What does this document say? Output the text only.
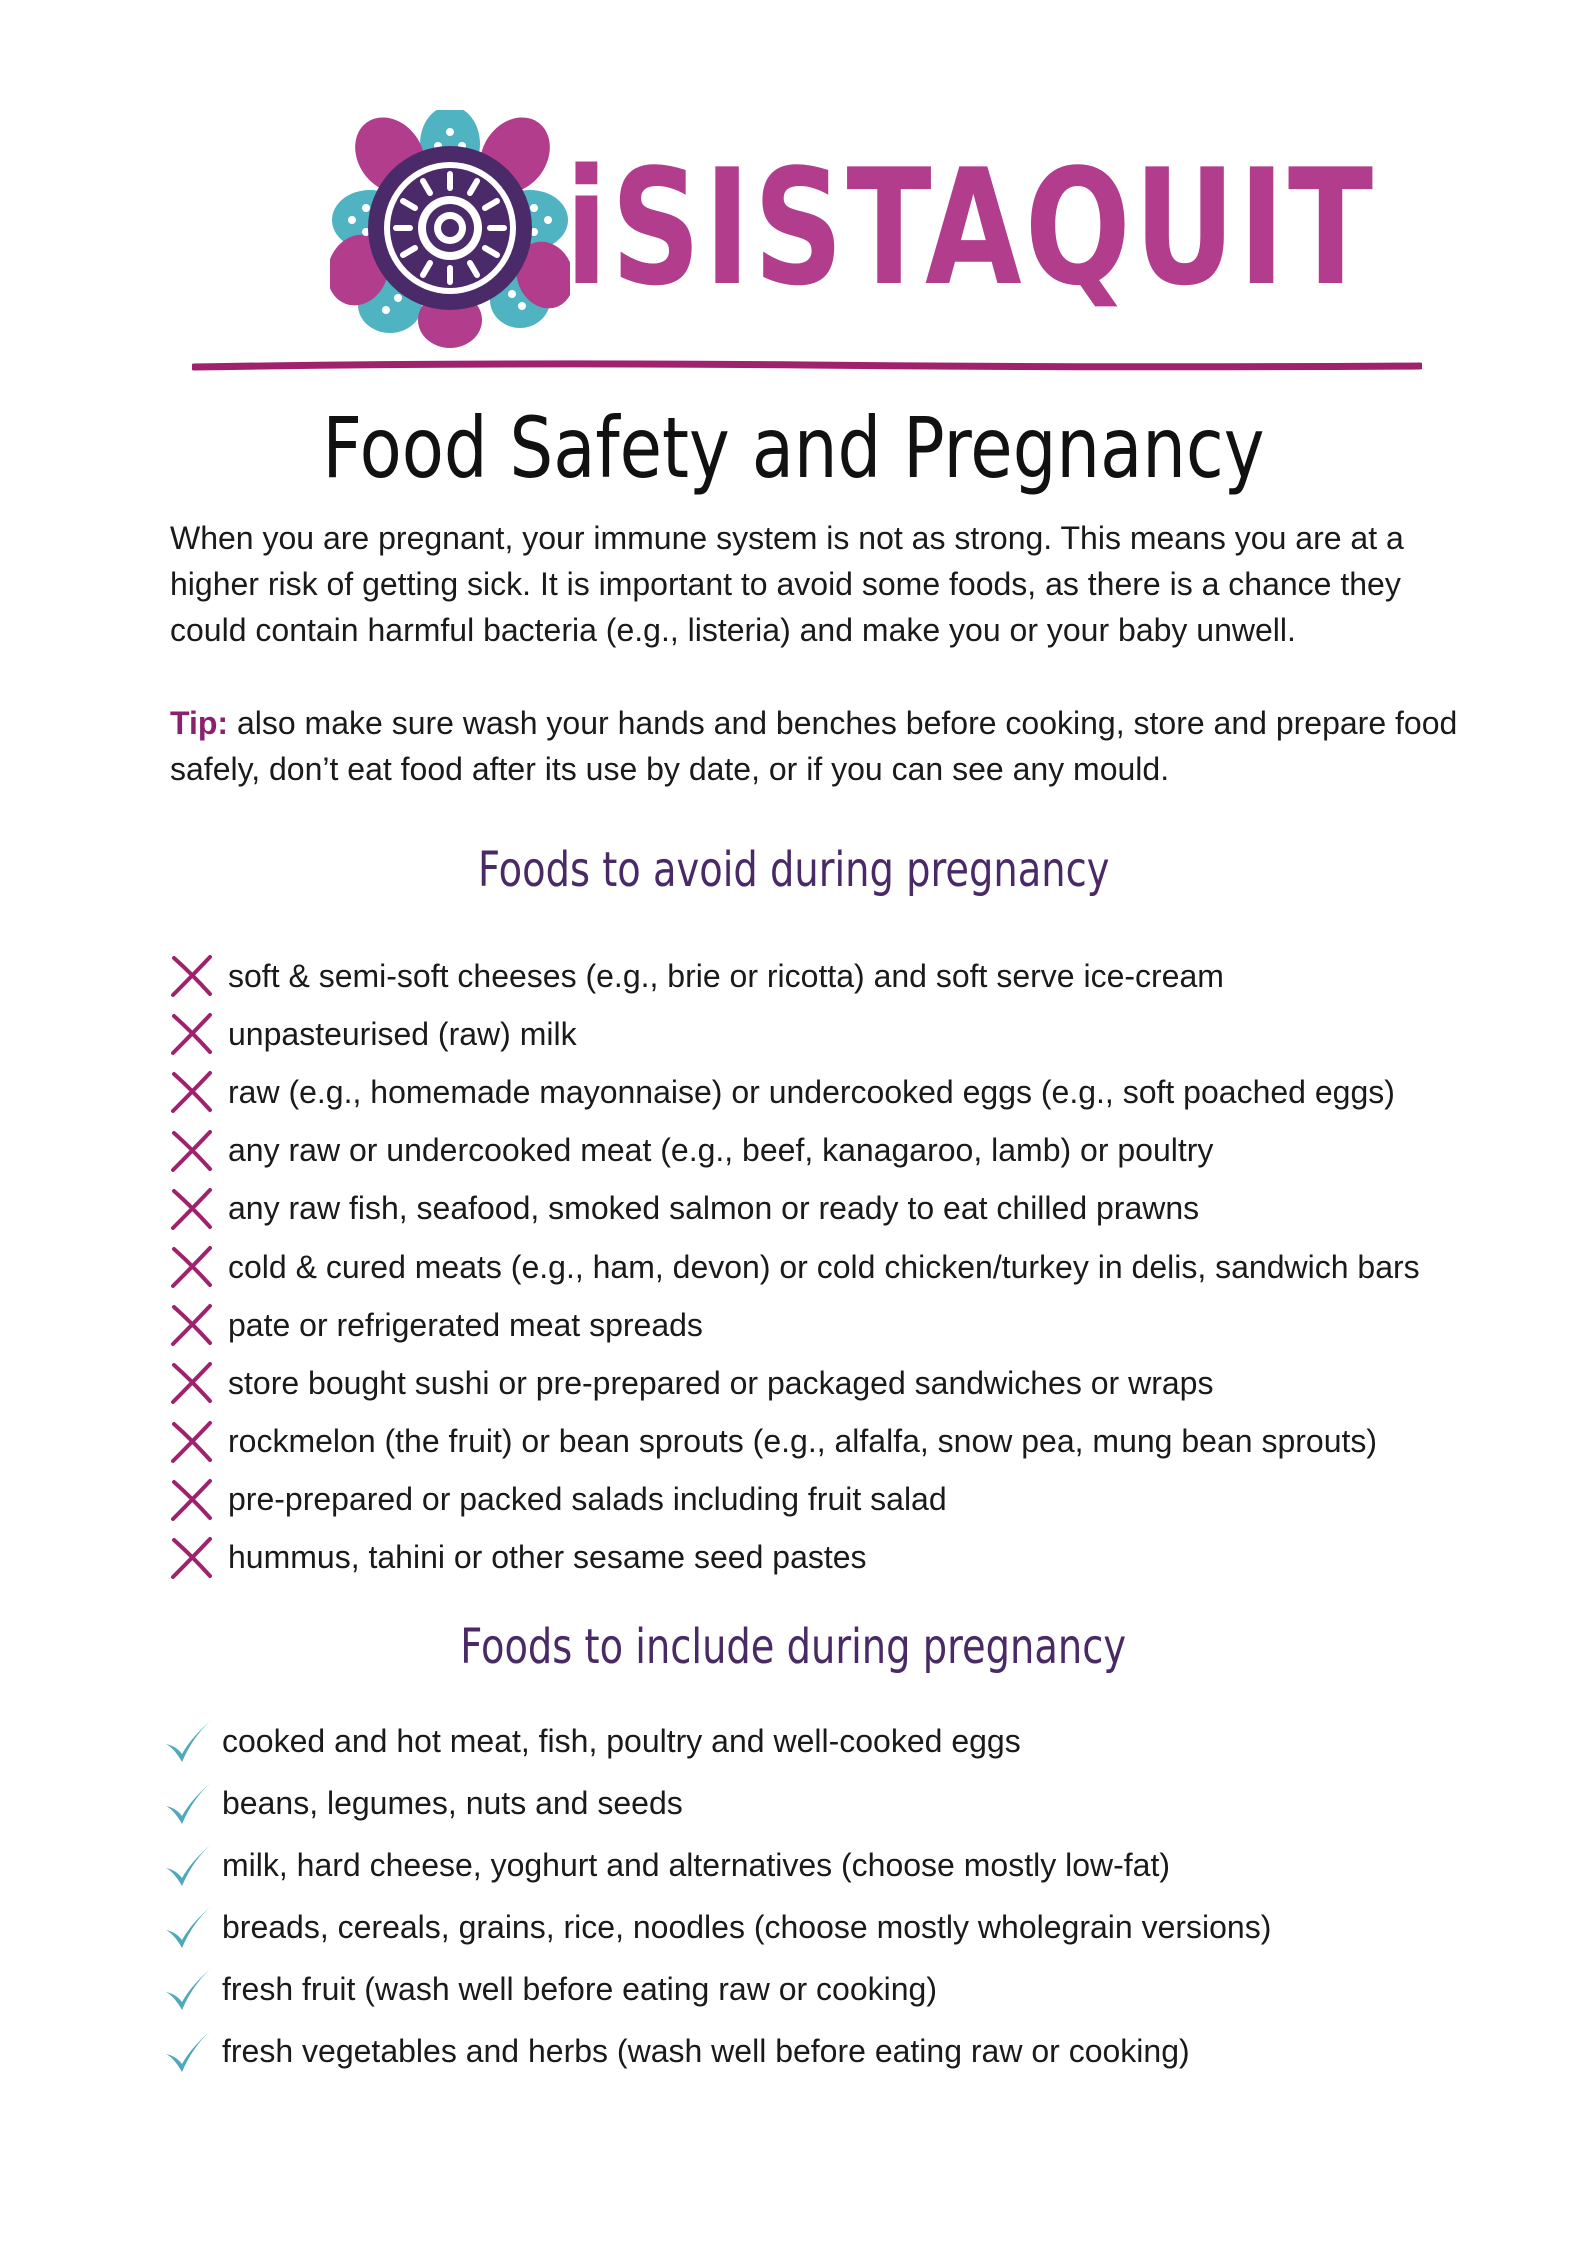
iSISTAQUIT
Food Safety and Pregnancy

When you are pregnant, your immune system is not as strong. This means you are at a higher risk of getting sick. It is important to avoid some foods, as there is a chance they could contain harmful bacteria (e.g., listeria) and make you or your baby unwell.

Tip: also make sure wash your hands and benches before cooking, store and prepare food safely, don’t eat food after its use by date, or if you can see any mould.

Foods to avoid during pregnancy
soft & semi-soft cheeses (e.g., brie or ricotta) and soft serve ice-cream
unpasteurised (raw) milk
raw (e.g., homemade mayonnaise) or undercooked eggs (e.g., soft poached eggs)
any raw or undercooked meat (e.g., beef, kanagaroo, lamb) or poultry
any raw fish, seafood, smoked salmon or ready to eat chilled prawns
cold & cured meats (e.g., ham, devon) or cold chicken/turkey in delis, sandwich bars
pate or refrigerated meat spreads
store bought sushi or pre-prepared or packaged sandwiches or wraps
rockmelon (the fruit) or bean sprouts (e.g., alfalfa, snow pea, mung bean sprouts)
pre-prepared or packed salads including fruit salad
hummus, tahini or other sesame seed pastes
Foods to include during pregnancy
cooked and hot meat, fish, poultry and well-cooked eggs
beans, legumes, nuts and seeds
milk, hard cheese, yoghurt and alternatives (choose mostly low-fat)
breads, cereals, grains, rice, noodles (choose mostly wholegrain versions)
fresh fruit (wash well before eating raw or cooking)
fresh vegetables and herbs (wash well before eating raw or cooking)
